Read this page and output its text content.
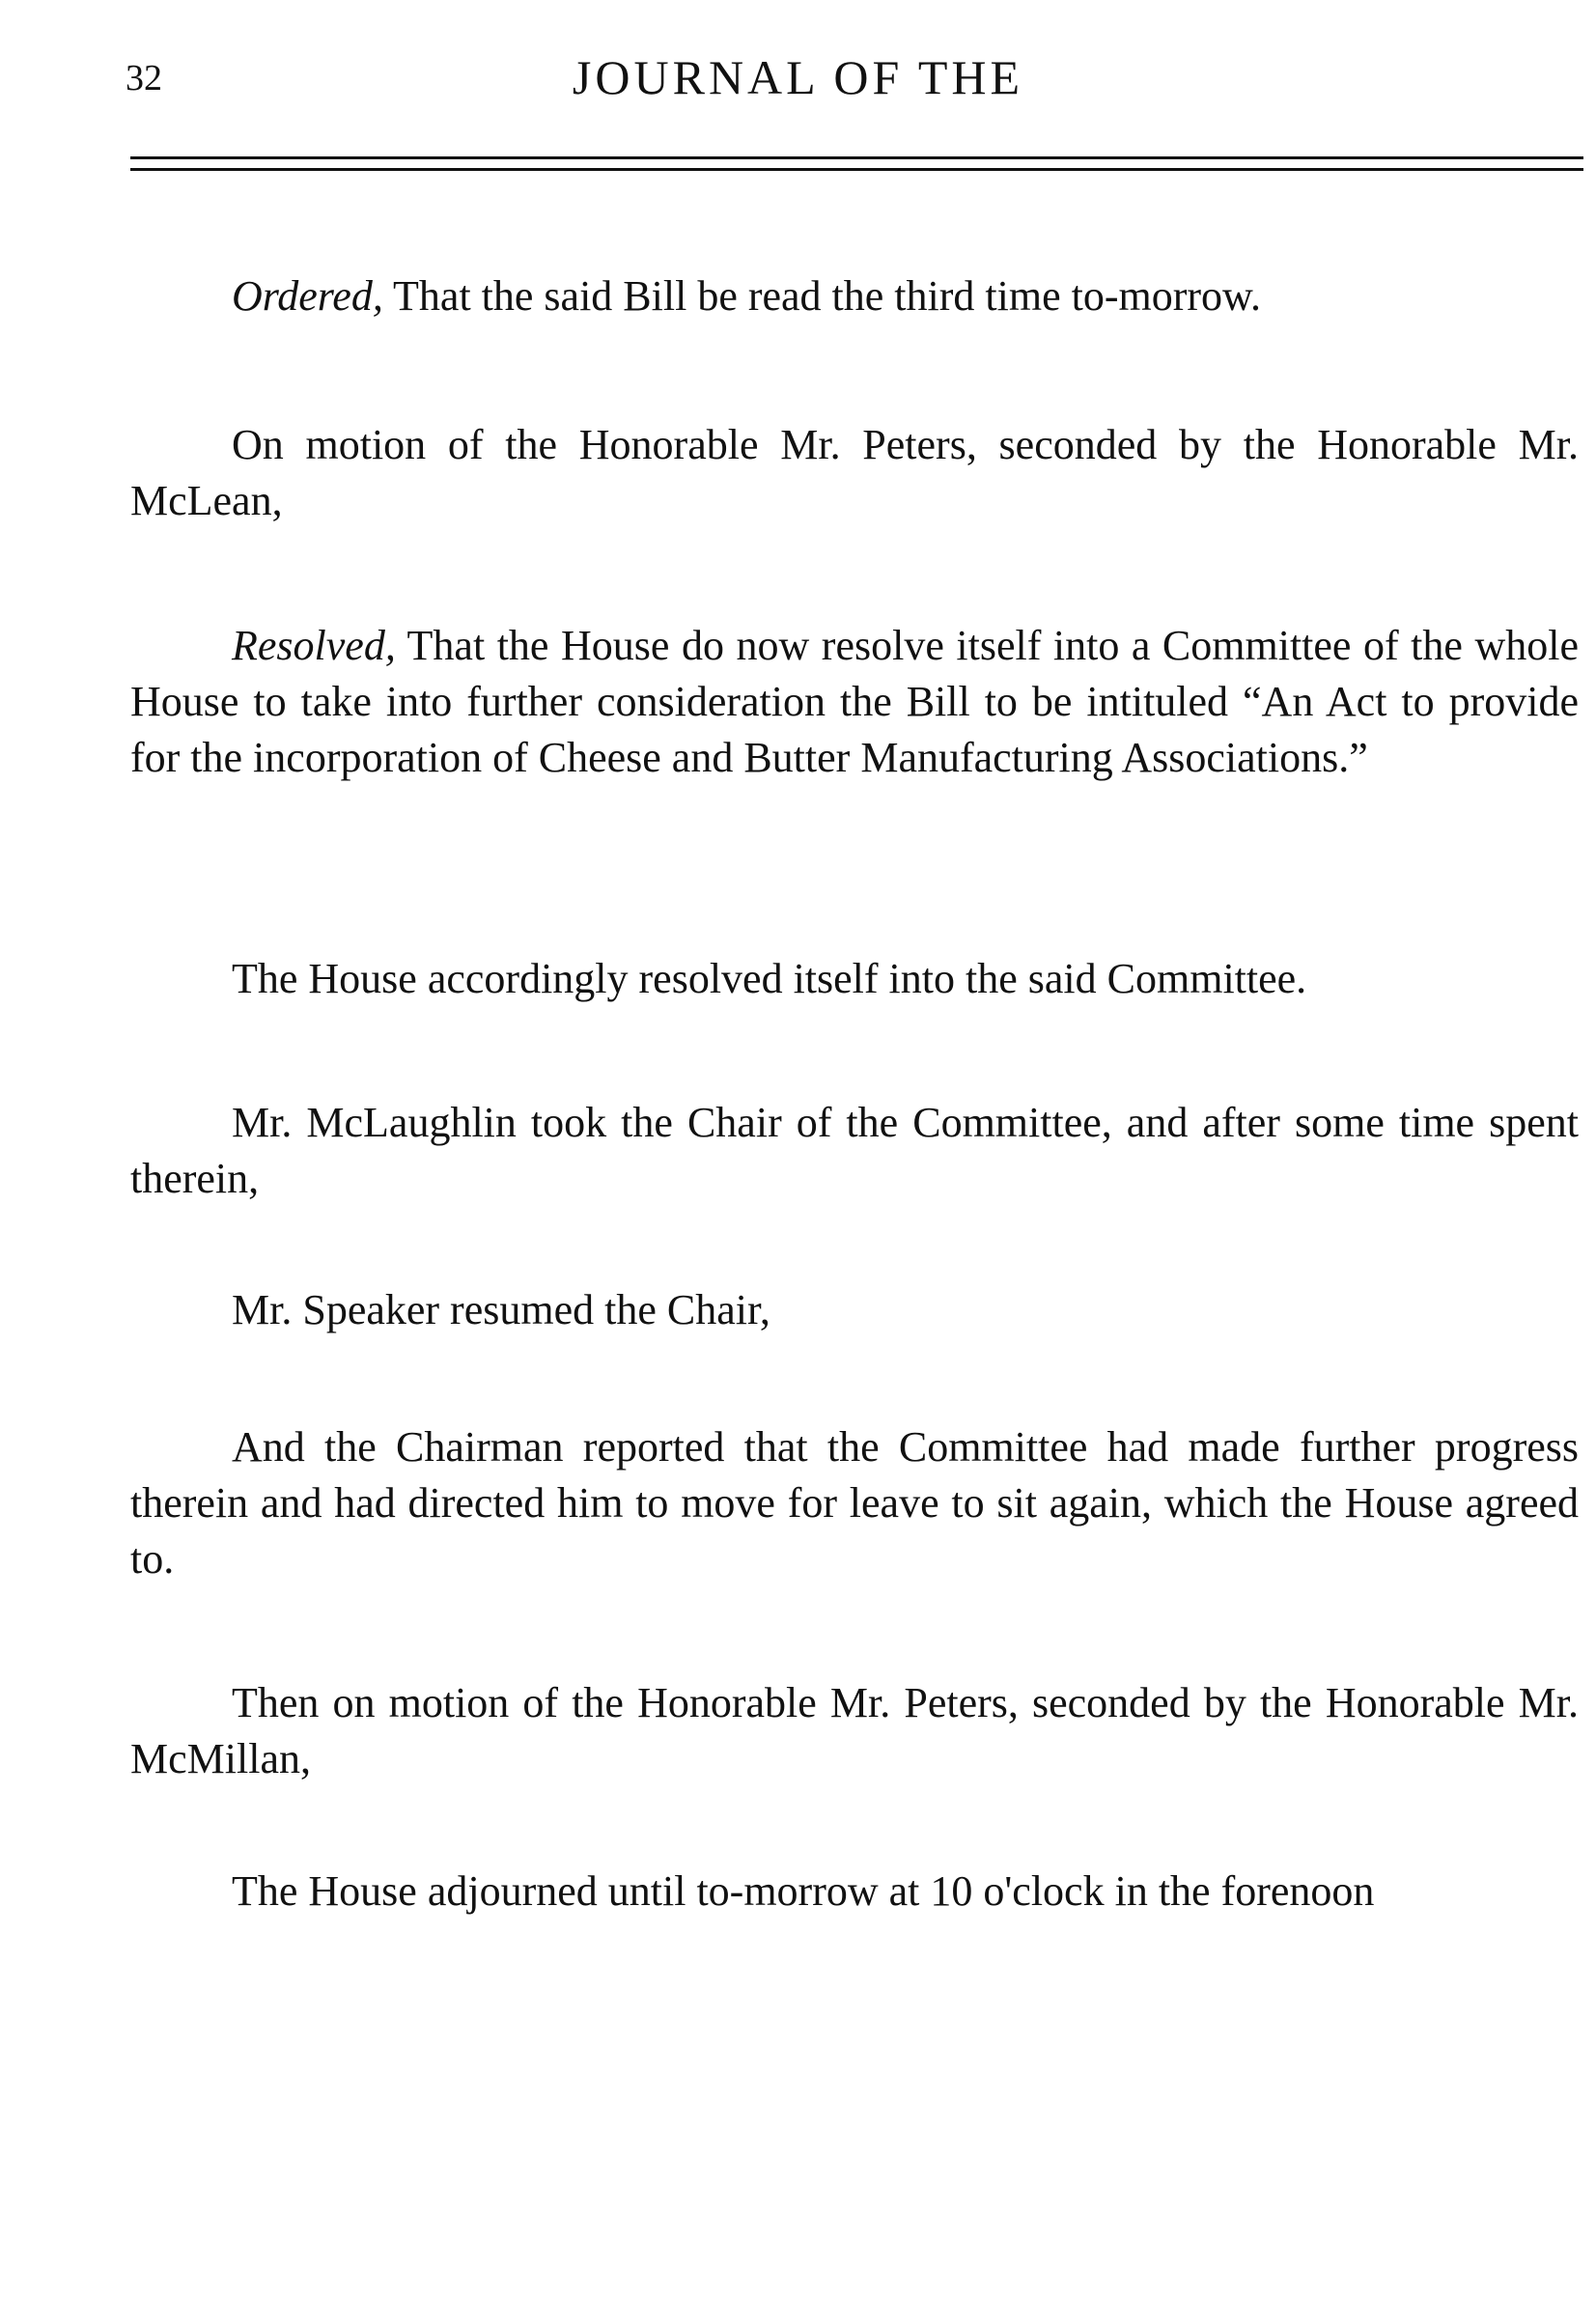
32	JOURNAL OF THE
Ordered, That the said Bill be read the third time to-morrow.
On motion of the Honorable Mr. Peters, seconded by the Honorable Mr. McLean,
Resolved, That the House do now resolve itself into a Committee of the whole House to take into further consideration the Bill to be intituled “An Act to provide for the incorporation of Cheese and Butter Manufacturing Associations.”
The House accordingly resolved itself into the said Committee.
Mr. McLaughlin took the Chair of the Committee, and after some time spent therein,
Mr. Speaker resumed the Chair,
And the Chairman reported that the Committee had made further progress therein and had directed him to move for leave to sit again, which the House agreed to.
Then on motion of the Honorable Mr. Peters, seconded by the Honorable Mr. McMillan,
The House adjourned until to-morrow at 10 o'clock in the forenoon
